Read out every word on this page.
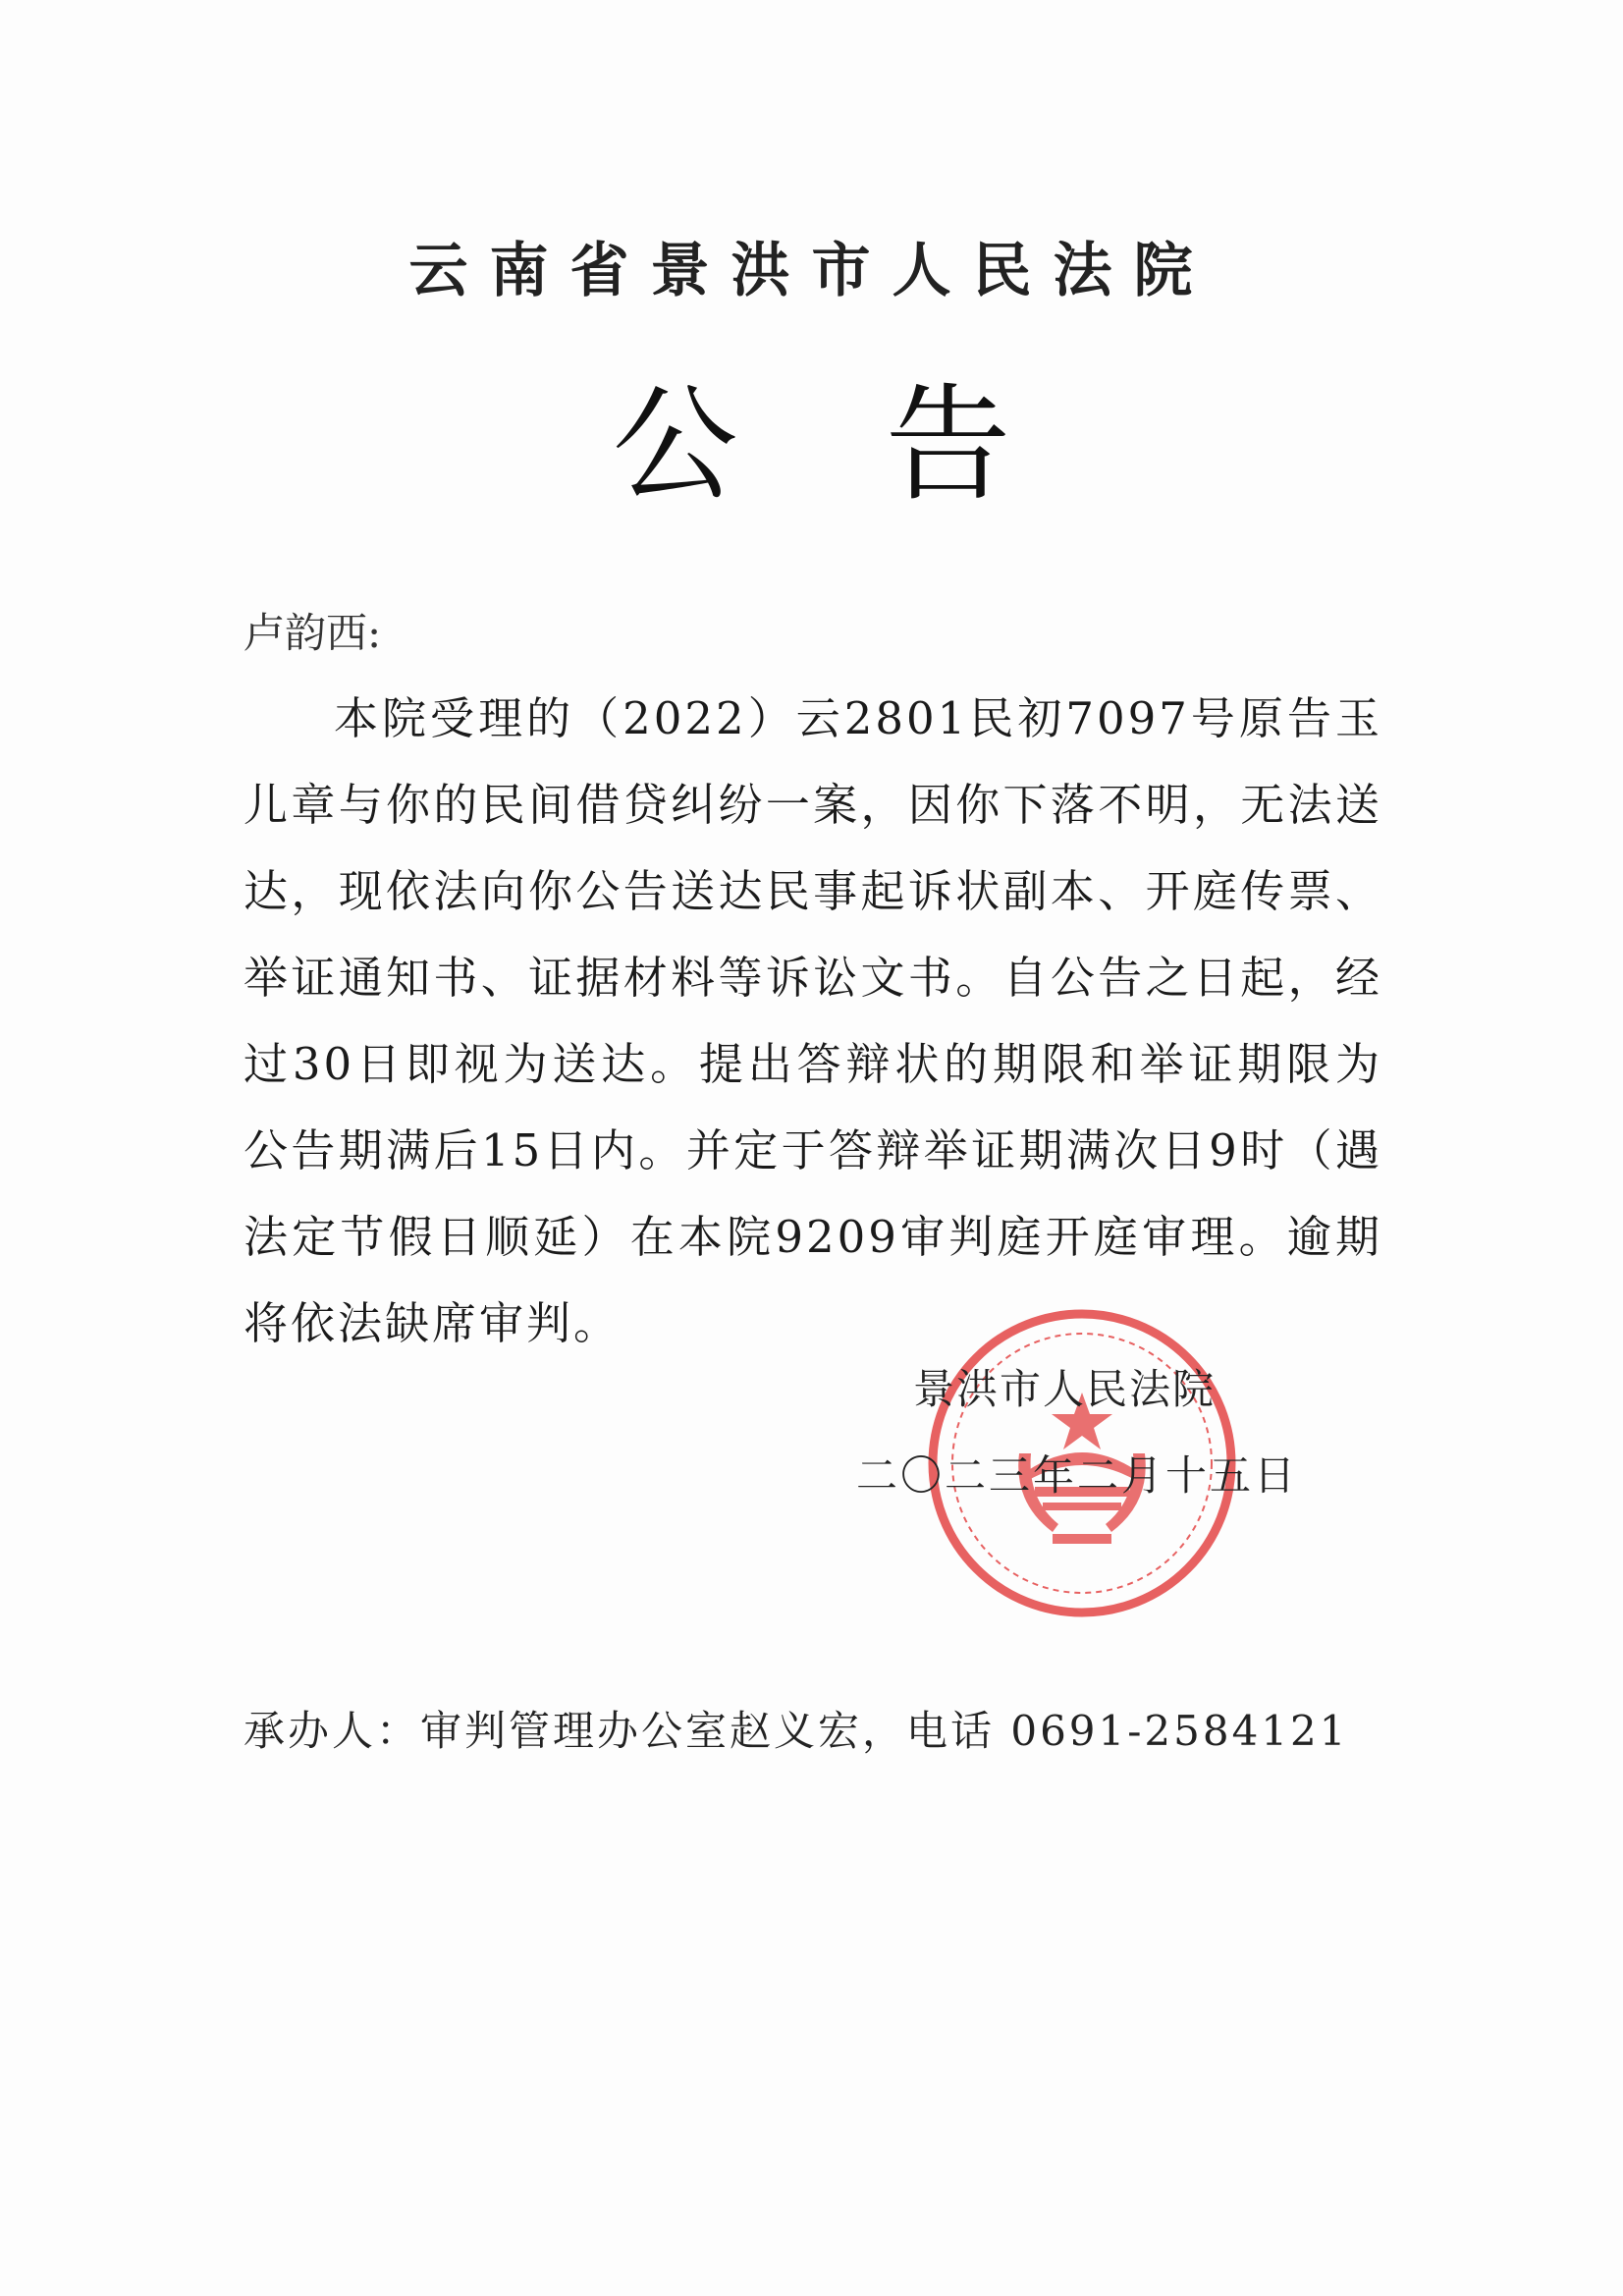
云南省景洪市人民法院
公告
卢韵西:

本院受理的（2022）云2801民初7097号原告玉儿章与你的民间借贷纠纷一案，因你下落不明，无法送达，现依法向你公告送达民事起诉状副本、开庭传票、举证通知书、证据材料等诉讼文书。自公告之日起，经过30日即视为送达。提出答辩状的期限和举证期限为公告期满后15日内。并定于答辩举证期满次日9时（遇法定节假日顺延）在本院9209审判庭开庭审理。逾期将依法缺席审判。

景洪市人民法院
二〇二三年二月十五日
承办人：审判管理办公室赵义宏，电话 0691-2584121
